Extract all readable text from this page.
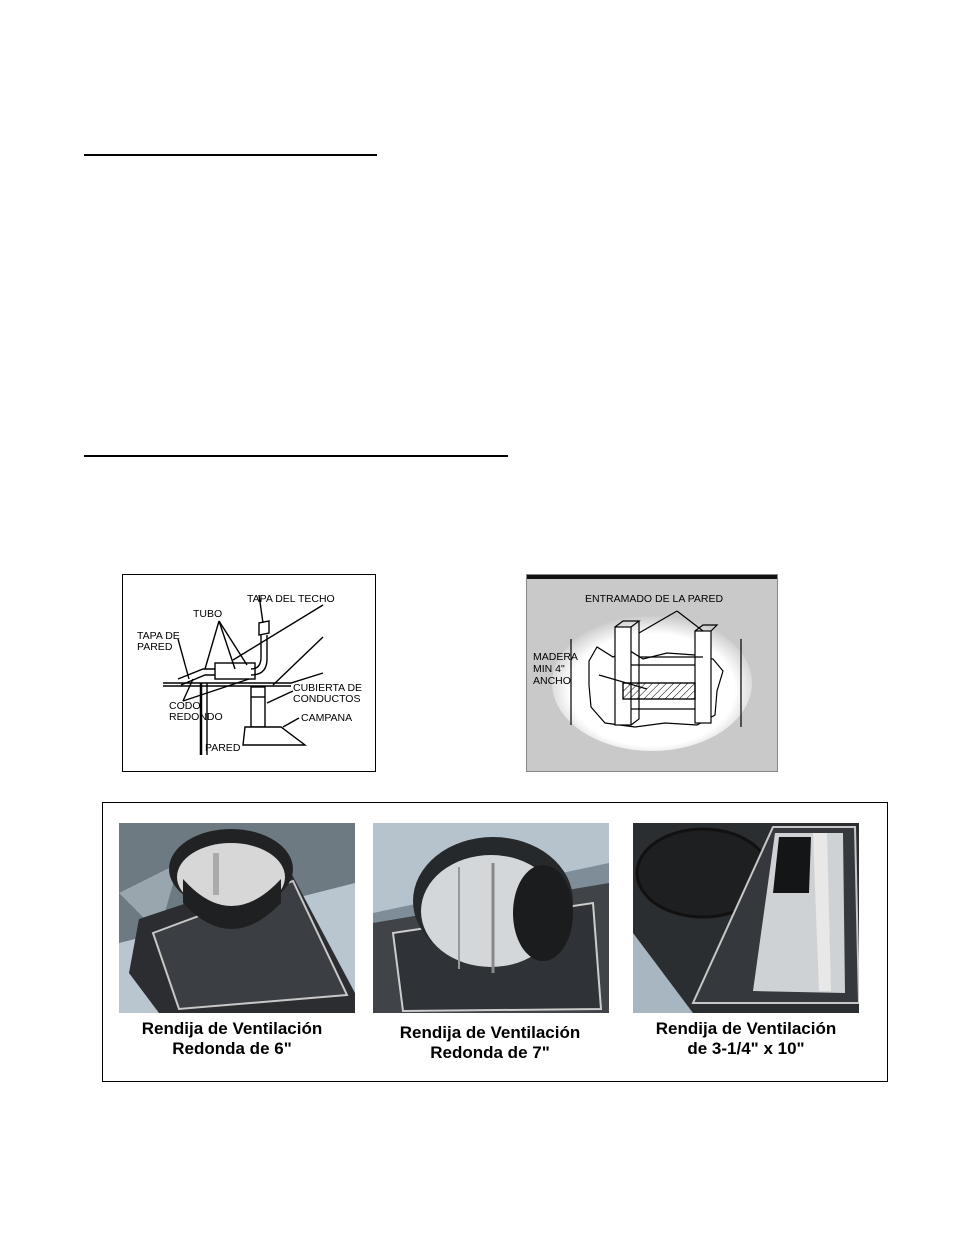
TAPA DEL TECHO
TUBO
TAPA DE
PARED
CODO
REDONDO
CUBIERTA DE
CONDUCTOS
CAMPANA
PARED
ENTRAMADO DE LA PARED
MADERA
MIN 4"
ANCHO
Rendija de Ventilación
Redonda de 6"
Rendija de Ventilación
Redonda de 7"
Rendija de Ventilación
de 3-1/4" x 10"
